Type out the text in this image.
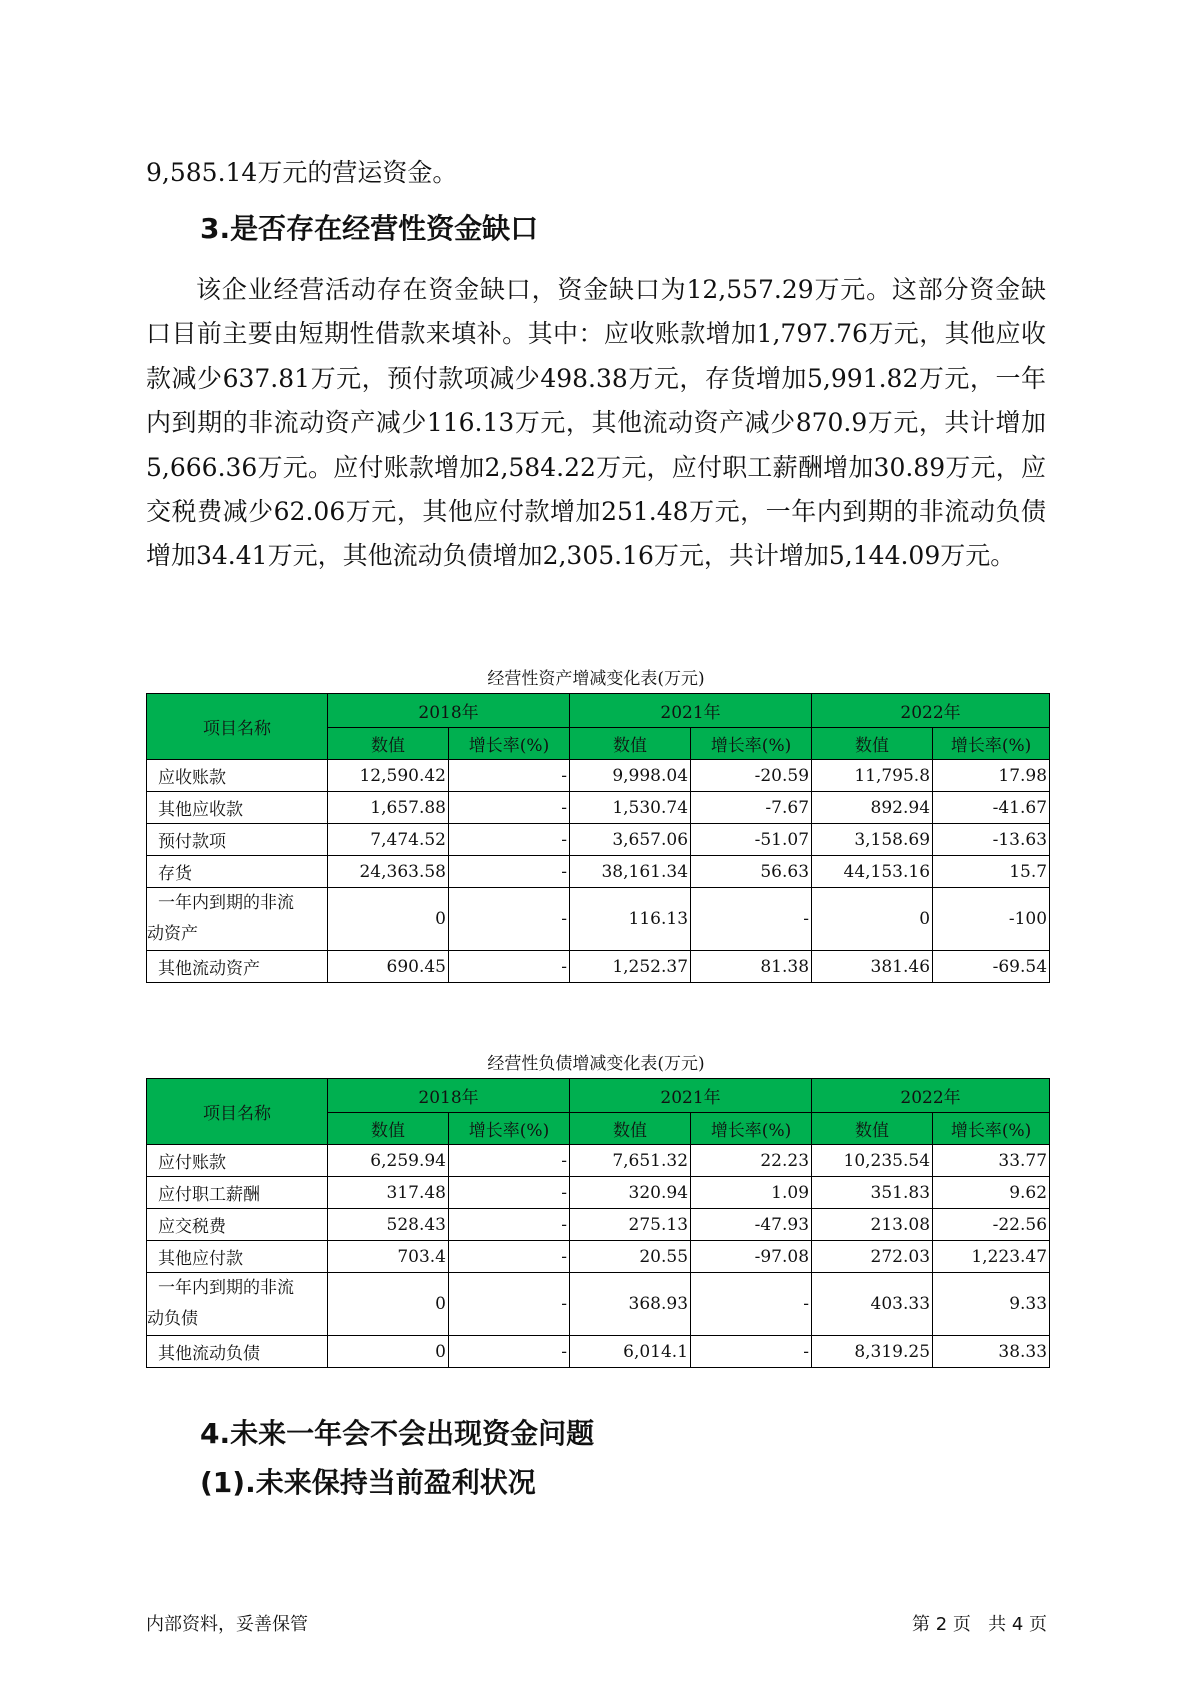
9,585.14万元的营运资金。

3.是否存在经营性资金缺口

该企业经营活动存在资金缺口，资金缺口为12,557.29万元。这部分资金缺口目前主要由短期性借款来填补。其中：应收账款增加1,797.76万元，其他应收款减少637.81万元，预付款项减少498.38万元，存货增加5,991.82万元，一年内到期的非流动资产减少116.13万元，其他流动资产减少870.9万元，共计增加5,666.36万元。应付账款增加2,584.22万元，应付职工薪酬增加30.89万元，应交税费减少62.06万元，其他应付款增加251.48万元，一年内到期的非流动负债增加34.41万元，其他流动负债增加2,305.16万元，共计增加5,144.09万元。

经营性资产增减变化表(万元)
项目名称	2018年		2021年		2022年	
	数值	增长率(%)	数值	增长率(%)	数值	增长率(%)
应收账款	12,590.42	-	9,998.04	-20.59	11,795.8	17.98
其他应收款	1,657.88	-	1,530.74	-7.67	892.94	-41.67
预付款项	7,474.52	-	3,657.06	-51.07	3,158.69	-13.63
存货	24,363.58	-	38,161.34	56.63	44,153.16	15.7
一年内到期的非流
动资产	0	-	116.13	-	0	-100
其他流动资产	690.45	-	1,252.37	81.38	381.46	-69.54
经营性负债增减变化表(万元)
项目名称	2018年		2021年		2022年	
	数值	增长率(%)	数值	增长率(%)	数值	增长率(%)
应付账款	6,259.94	-	7,651.32	22.23	10,235.54	33.77
应付职工薪酬	317.48	-	320.94	1.09	351.83	9.62
应交税费	528.43	-	275.13	-47.93	213.08	-22.56
其他应付款	703.4	-	20.55	-97.08	272.03	1,223.47
一年内到期的非流
动负债	0	-	368.93	-	403.33	9.33
其他流动负债	0	-	6,014.1	-	8,319.25	38.33
4.未来一年会不会出现资金问题
(1).未来保持当前盈利状况
内部资料，妥善保管	第 2 页   共 4 页
